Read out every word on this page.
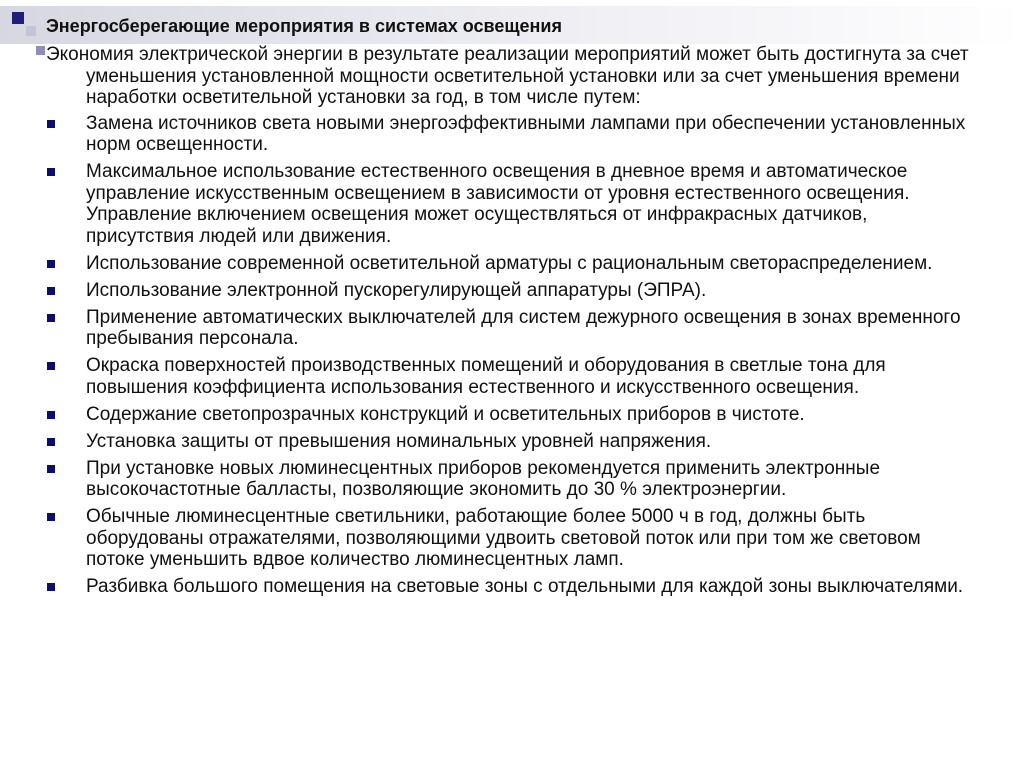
Энергосберегающие мероприятия в системах освещения

Экономия электрической энергии в результате реализации мероприятий может быть достигнута за счет уменьшения установленной мощности осветительной установки или за счет уменьшения времени наработки осветительной установки за год, в том числе путем:

Замена источников света новыми энергоэффективными лампами при обеспечении установленных норм освещенности.
Максимальное использование естественного освещения в дневное время и автоматическое управление искусственным освещением в зависимости от уровня естественного освещения. Управление включением освещения может осуществляться от инфракрасных датчиков, присутствия людей или движения.
Использование современной осветительной арматуры с рациональным светораспределением.
Использование электронной пускорегулирующей аппаратуры (ЭПРА).
Применение автоматических выключателей для систем дежурного освещения в зонах временного пребывания персонала.
Окраска поверхностей производственных помещений и оборудования в светлые тона для повышения коэффициента использования естественного и искусственного освещения.
Содержание светопрозрачных конструкций и осветительных приборов в чистоте.
Установка защиты от превышения номинальных уровней напряжения.
При установке новых люминесцентных приборов рекомендуется применить электронные высокочастотные балласты, позволяющие экономить до 30 % электроэнергии.
Обычные люминесцентные светильники, работающие более 5000 ч в год, должны быть оборудованы отражателями, позволяющими удвоить световой поток или при том же световом потоке уменьшить вдвое количество люминесцентных ламп.
Разбивка большого помещения на световые зоны с отдельными для каждой зоны выключателями.
